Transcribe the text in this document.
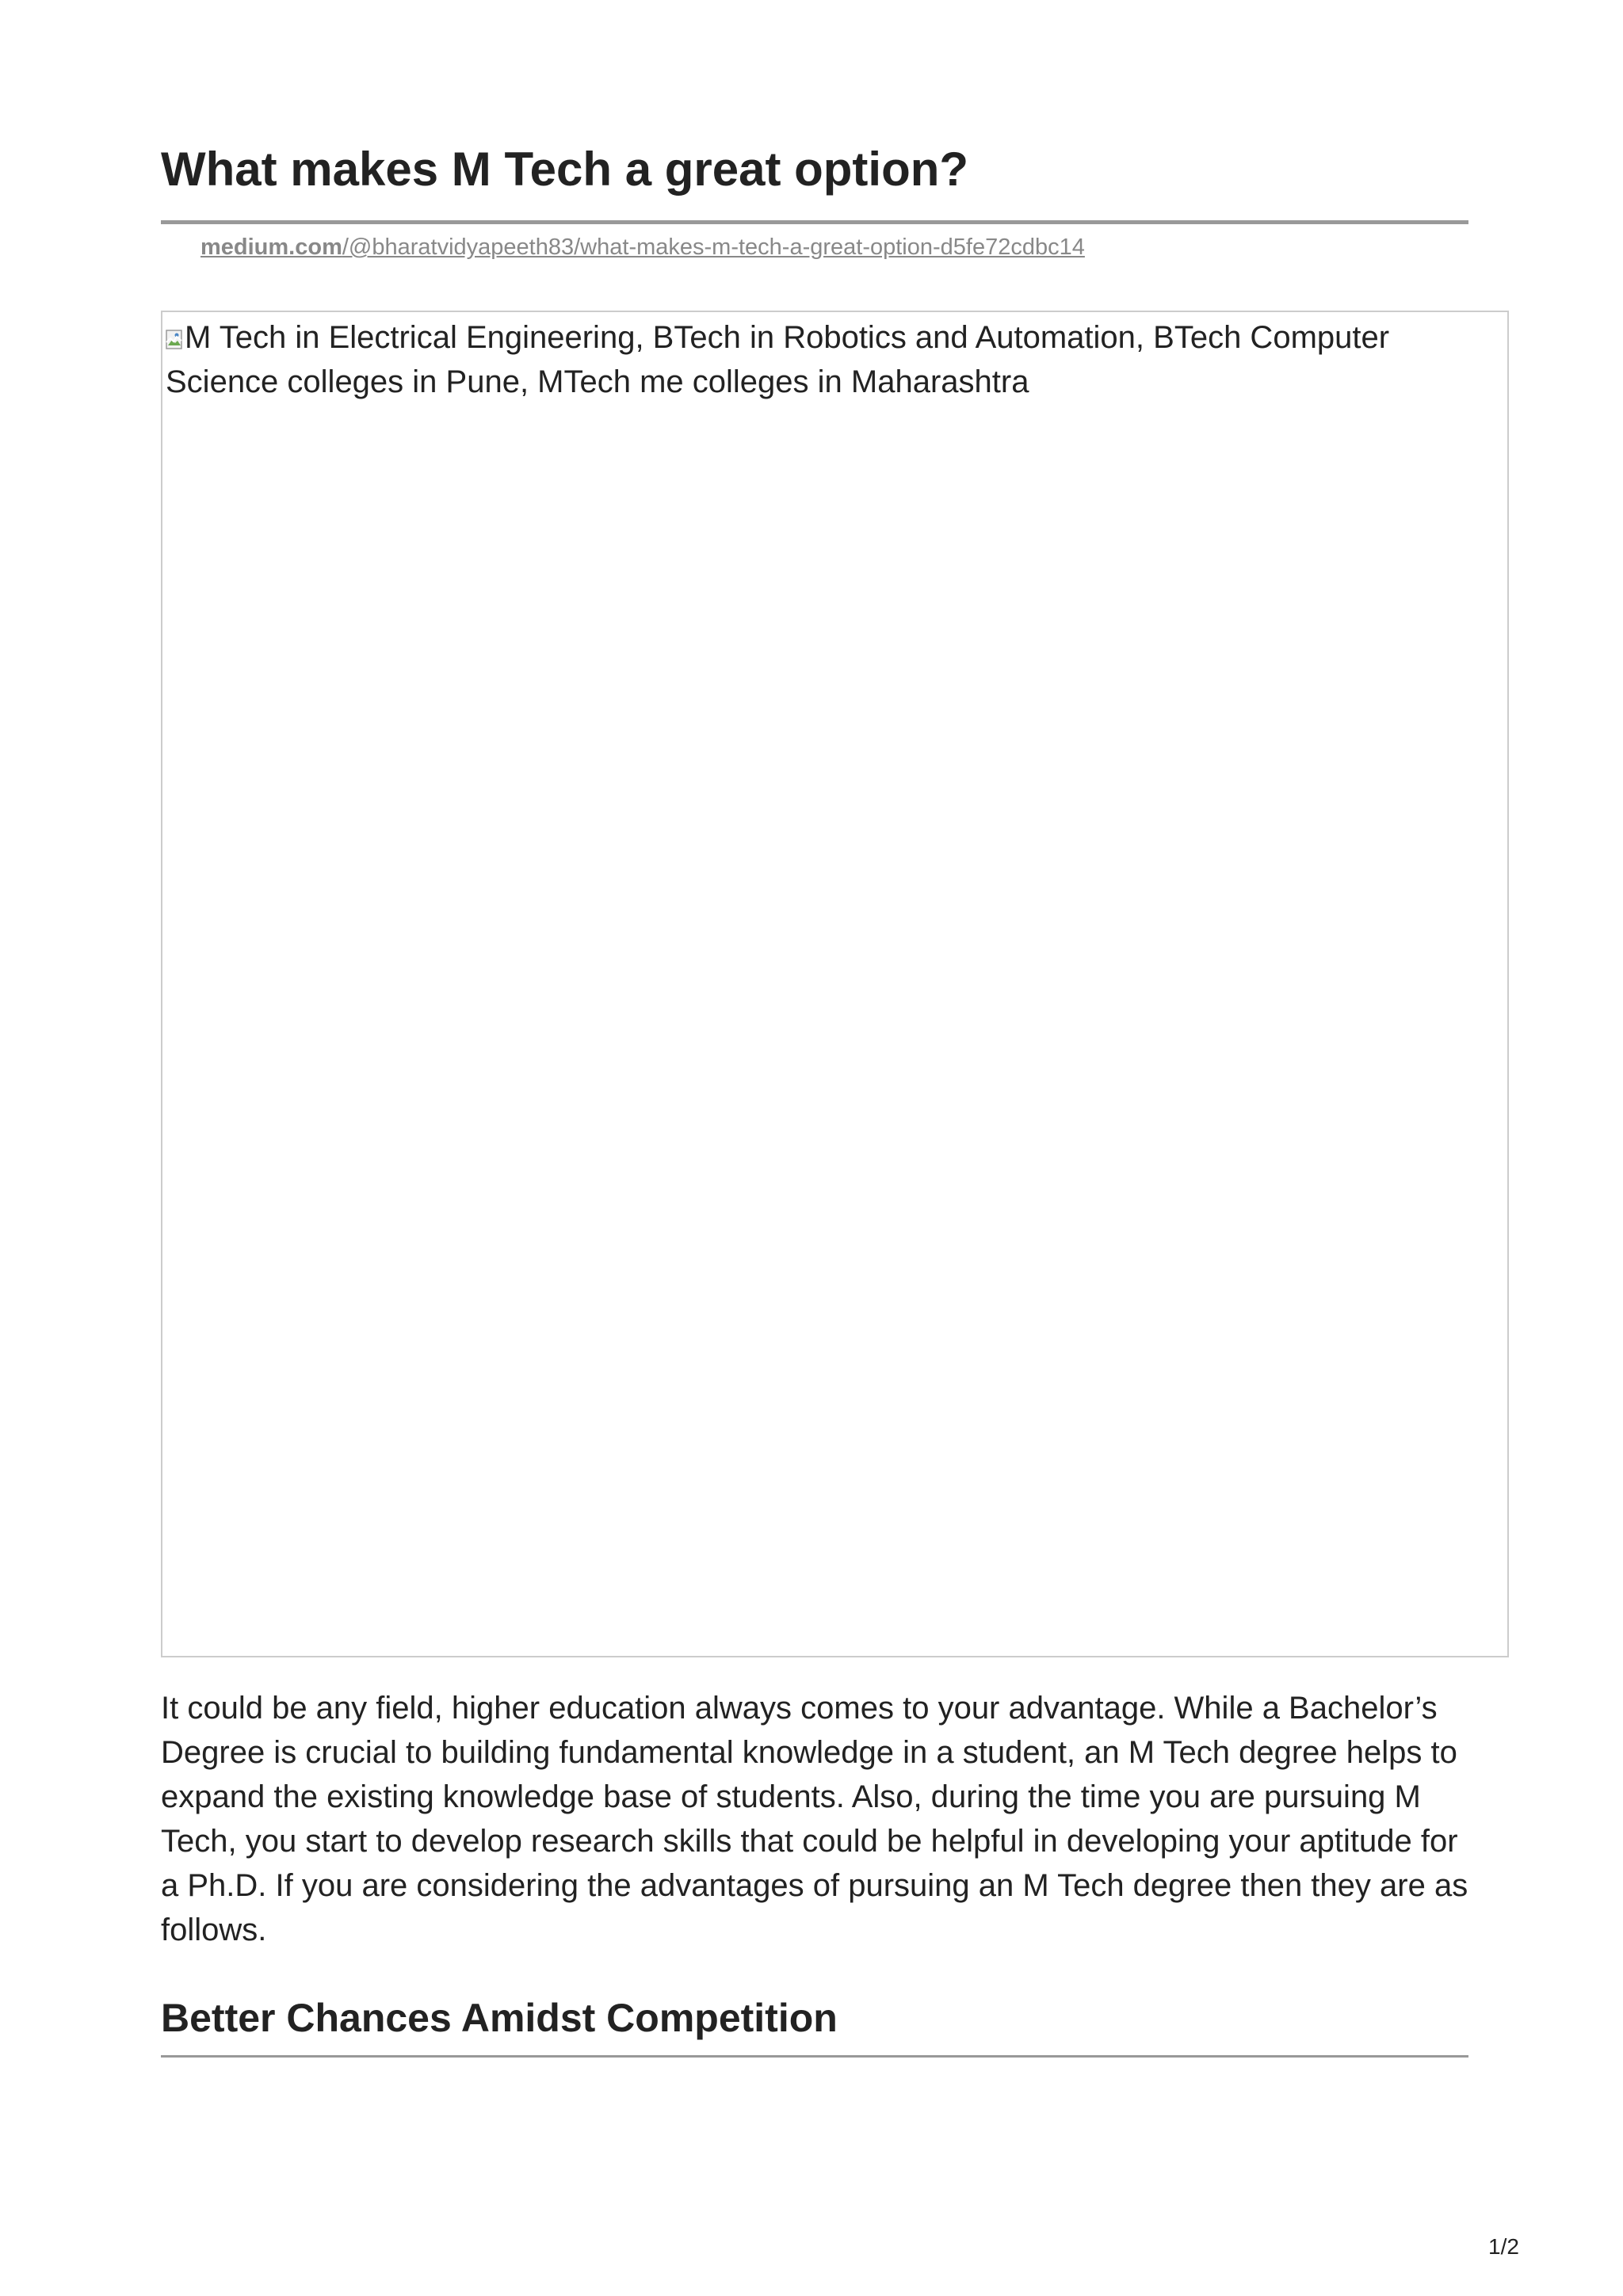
What makes M Tech a great option?
medium.com/@bharatvidyapeeth83/what-makes-m-tech-a-great-option-d5fe72cdbc14
M Tech in Electrical Engineering, BTech in Robotics and Automation, BTech Computer Science colleges in Pune, MTech me colleges in Maharashtra

It could be any field, higher education always comes to your advantage. While a Bachelor’s Degree is crucial to building fundamental knowledge in a student, an M Tech degree helps to expand the existing knowledge base of students. Also, during the time you are pursuing M Tech, you start to develop research skills that could be helpful in developing your aptitude for a Ph.D. If you are considering the advantages of pursuing an M Tech degree then they are as follows.

Better Chances Amidst Competition
1/2
